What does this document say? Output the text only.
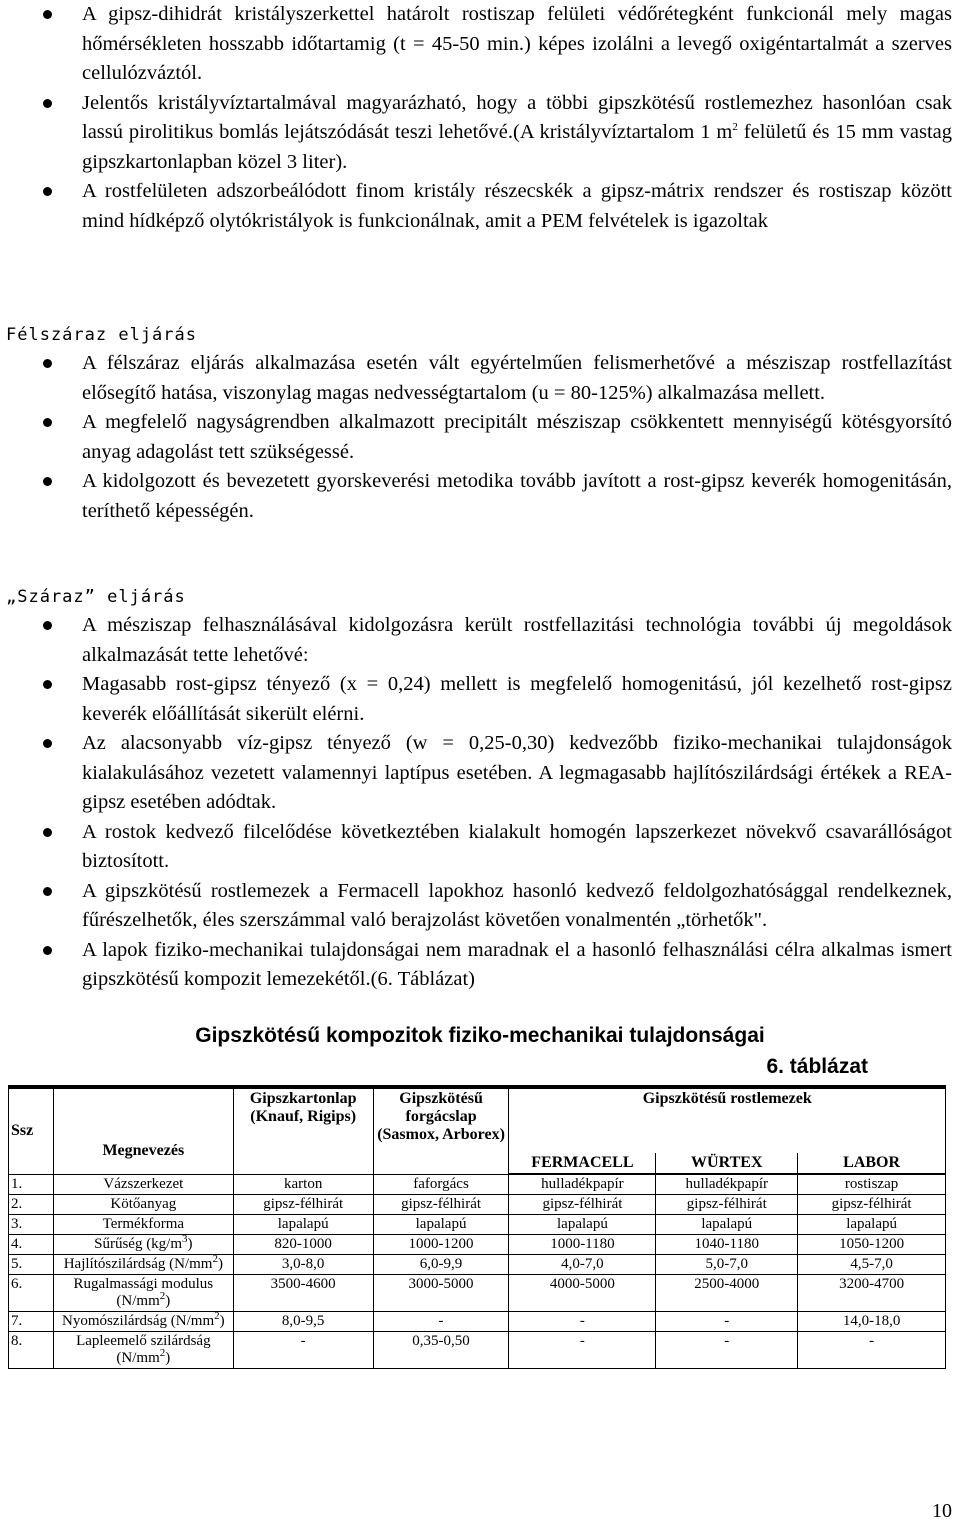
A gipsz-dihidrát kristályszerkettel határolt rostiszap felületi védőrétegként funkcionál mely magas hőmérsékleten hosszabb időtartamig (t = 45-50 min.) képes izolálni a levegő oxigéntartalmát a szerves cellulózváztól.
Jelentős kristályvíztartalmával magyarázható, hogy a többi gipszkötésű rostlemezhez hasonlóan csak lassú pirolitikus bomlás lejátszódását teszi lehetővé.(A kristályvíztartalom 1 $m^2$ felületű és 15 mm vastag gipszkartonlapban közel 3 liter).
A rostfelületen adszorbeálódott finom kristály részecskék a gipsz-mátrix rendszer és rostiszap között mind hídképző olytókristályok is funkcionálnak, amit a PEM felvételek is igazoltak
Félszáraz eljárás
A félszáraz eljárás alkalmazása esetén vált egyértelműen felismerhetővé a mésziszap rostfellazítást elősegítő hatása, viszonylag magas nedvességtartalom (u = 80-125%) alkalmazása mellett.
A megfelelő nagyságrendben alkalmazott precipitált mésziszap csökkentett mennyiségű kötésgyorsító anyag adagolást tett szükségessé.
A kidolgozott és bevezetett gyorskeverési metodika tovább javított a rost-gipsz keverék homogenitásán, teríthető képességén.
„Száraz” eljárás
A mésziszap felhasználásával kidolgozásra került rostfellazitási technológia további új megoldások alkalmazását tette lehetővé:
Magasabb rost-gipsz tényező (x = 0,24) mellett is megfelelő homogenitású, jól kezelhető rost-gipsz keverék előállítását sikerült elérni.
Az alacsonyabb víz-gipsz tényező (w = 0,25-0,30) kedvezőbb fiziko-mechanikai tulajdonságok kialakulásához vezetett valamennyi laptípus esetében. A legmagasabb hajlítószilárdsági értékek a REA-gipsz esetében adódtak.
A rostok kedvező filcelődése következtében kialakult homogén lapszerkezet növekvő csavarállóságot biztosított.
A gipszkötésű rostlemezek a Fermacell lapokhoz hasonló kedvező feldolgozhatósággal rendelkeznek, fűrészelhetők, éles szerszámmal való berajzolást követően vonalmentén „törhetők".
A lapok fiziko-mechanikai tulajdonságai nem maradnak el a hasonló felhasználási célra alkalmas ismert gipszkötésű kompozit lemezekétől.(6. Táblázat)
Gipszkötésű kompozitok fiziko-mechanikai tulajdonságai
6. táblázat
Ssz	Megnevezés	Gipszkartonlap (Knauf, Rigips)	Gipszkötésű forgácslap (Sasmox, Arborex)	Gipszkötésű rostlemezek		
				FERMACELL	WÜRTEX	LABOR
1.	Vázszerkezet	karton	faforgács	hulladékpapír	hulladékpapír	rostiszap
2.	Kötőanyag	gipsz-félhirát	gipsz-félhirát	gipsz-félhirát	gipsz-félhirát	gipsz-félhirát
3.	Termékforma	lapalapú	lapalapú	lapalapú	lapalapú	lapalapú
4.	Sűrűség $(kg/m^3)$	820-1000	1000-1200	1000-1180	1040-1180	1050-1200
5.	Hajlítószilárdság $(N/mm^2)$	3,0-8,0	6,0-9,9	4,0-7,0	5,0-7,0	4,5-7,0
6.	Rugalmassági modulus $(N/mm^2)$	3500-4600	3000-5000	4000-5000	2500-4000	3200-4700
7.	Nyomószilárdság $(N/mm^2)$	8,0-9,5	-	-	-	14,0-18,0
8.	Lapleemelő szilárdság $(N/mm^2)$	-	0,35-0,50	-	-	-
10
